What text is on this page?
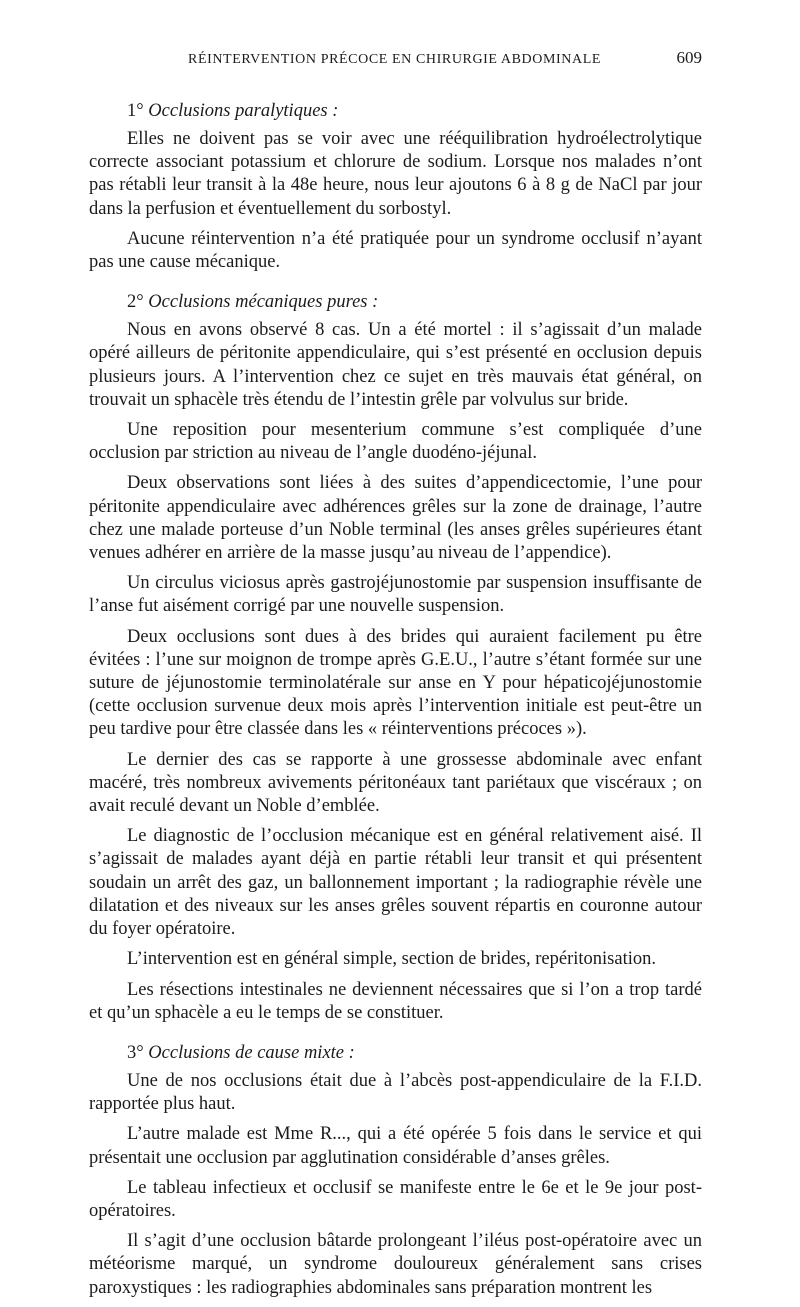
RÉINTERVENTION PRÉCOCE EN CHIRURGIE ABDOMINALE	609
1° Occlusions paralytiques :

Elles ne doivent pas se voir avec une rééquilibration hydroélectrolytique correcte associant potassium et chlorure de sodium. Lorsque nos malades n’ont pas rétabli leur transit à la 48e heure, nous leur ajoutons 6 à 8 g de NaCl par jour dans la perfusion et éventuellement du sorbostyl.

Aucune réintervention n’a été pratiquée pour un syndrome occlusif n’ayant pas une cause mécanique.

2° Occlusions mécaniques pures :

Nous en avons observé 8 cas. Un a été mortel : il s’agissait d’un malade opéré ailleurs de péritonite appendiculaire, qui s’est présenté en occlusion depuis plusieurs jours. A l’intervention chez ce sujet en très mauvais état général, on trouvait un sphacèle très étendu de l’intestin grêle par volvulus sur bride.

Une reposition pour mesenterium commune s’est compliquée d’une occlusion par striction au niveau de l’angle duodéno-jéjunal.

Deux observations sont liées à des suites d’appendicectomie, l’une pour péritonite appendiculaire avec adhérences grêles sur la zone de drainage, l’autre chez une malade porteuse d’un Noble terminal (les anses grêles supérieures étant venues adhérer en arrière de la masse jusqu’au niveau de l’appendice).

Un circulus viciosus après gastrojéjunostomie par suspension insuffisante de l’anse fut aisément corrigé par une nouvelle suspension.

Deux occlusions sont dues à des brides qui auraient facilement pu être évitées : l’une sur moignon de trompe après G.E.U., l’autre s’étant formée sur une suture de jéjunostomie terminolatérale sur anse en Y pour hépaticojéjunostomie (cette occlusion survenue deux mois après l’intervention initiale est peut-être un peu tardive pour être classée dans les « réinterventions précoces »).

Le dernier des cas se rapporte à une grossesse abdominale avec enfant macéré, très nombreux avivements péritonéaux tant pariétaux que viscéraux ; on avait reculé devant un Noble d’emblée.

Le diagnostic de l’occlusion mécanique est en général relativement aisé. Il s’agissait de malades ayant déjà en partie rétabli leur transit et qui présentent soudain un arrêt des gaz, un ballonnement important ; la radiographie révèle une dilatation et des niveaux sur les anses grêles souvent répartis en couronne autour du foyer opératoire.

L’intervention est en général simple, section de brides, repéritonisation.

Les résections intestinales ne deviennent nécessaires que si l’on a trop tardé et qu’un sphacèle a eu le temps de se constituer.

3° Occlusions de cause mixte :

Une de nos occlusions était due à l’abcès post-appendiculaire de la F.I.D. rapportée plus haut.

L’autre malade est Mme R..., qui a été opérée 5 fois dans le service et qui présentait une occlusion par agglutination considérable d’anses grêles.

Le tableau infectieux et occlusif se manifeste entre le 6e et le 9e jour post-opératoires.

Il s’agit d’une occlusion bâtarde prolongeant l’iléus post-opératoire avec un météorisme marqué, un syndrome douloureux généralement sans crises paroxystiques : les radiographies abdominales sans préparation montrent les
